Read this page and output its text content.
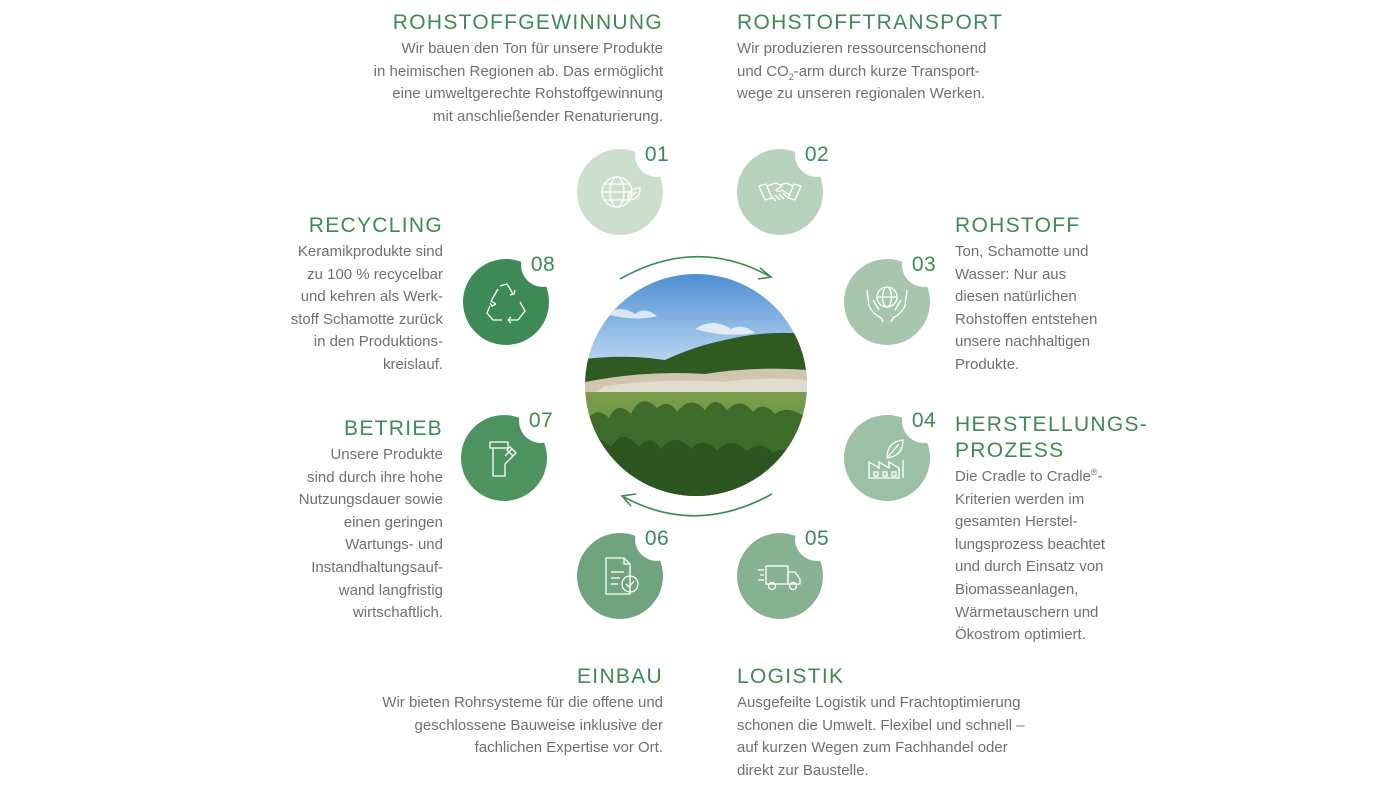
ROHSTOFFGEWINNUNG

Wir bauen den Ton für unsere Produkte

in heimischen Regionen ab. Das ermöglicht

eine umweltgerechte Rohstoffgewinnung

mit anschließender Renaturierung.

ROHSTOFFTRANSPORT

Wir produzieren ressourcenschonend

und $CO_2$-arm durch kurze Transport-

wege zu unseren regionalen Werken.

ROHSTOFF

Ton, Schamotte und

Wasser: Nur aus

diesen natürlichen

Rohstoffen entstehen

unsere nachhaltigen

Produkte.

HERSTELLUNGS-
PROZESS

Die Cradle to Cradle®-

Kriterien werden im

gesamten Herstel-

lungsprozess beachtet

und durch Einsatz von

Biomasseanlagen,

Wärmetauschern und

Ökostrom optimiert.

LOGISTIK

Ausgefeilte Logistik und Frachtoptimierung

schonen die Umwelt. Flexibel und schnell –

auf kurzen Wegen zum Fachhandel oder

direkt zur Baustelle.

EINBAU

Wir bieten Rohrsysteme für die offene und

geschlossene Bauweise inklusive der

fachlichen Expertise vor Ort.

BETRIEB

Unsere Produkte

sind durch ihre hohe

Nutzungsdauer sowie

einen geringen

Wartungs- und

Instandhaltungsauf-

wand langfristig

wirtschaftlich.

RECYCLING

Keramikprodukte sind

zu 100 % recycelbar

und kehren als Werk-

stoff Schamotte zurück

in den Produktions-

kreislauf.

01	02
03
04
05
06
07
08
